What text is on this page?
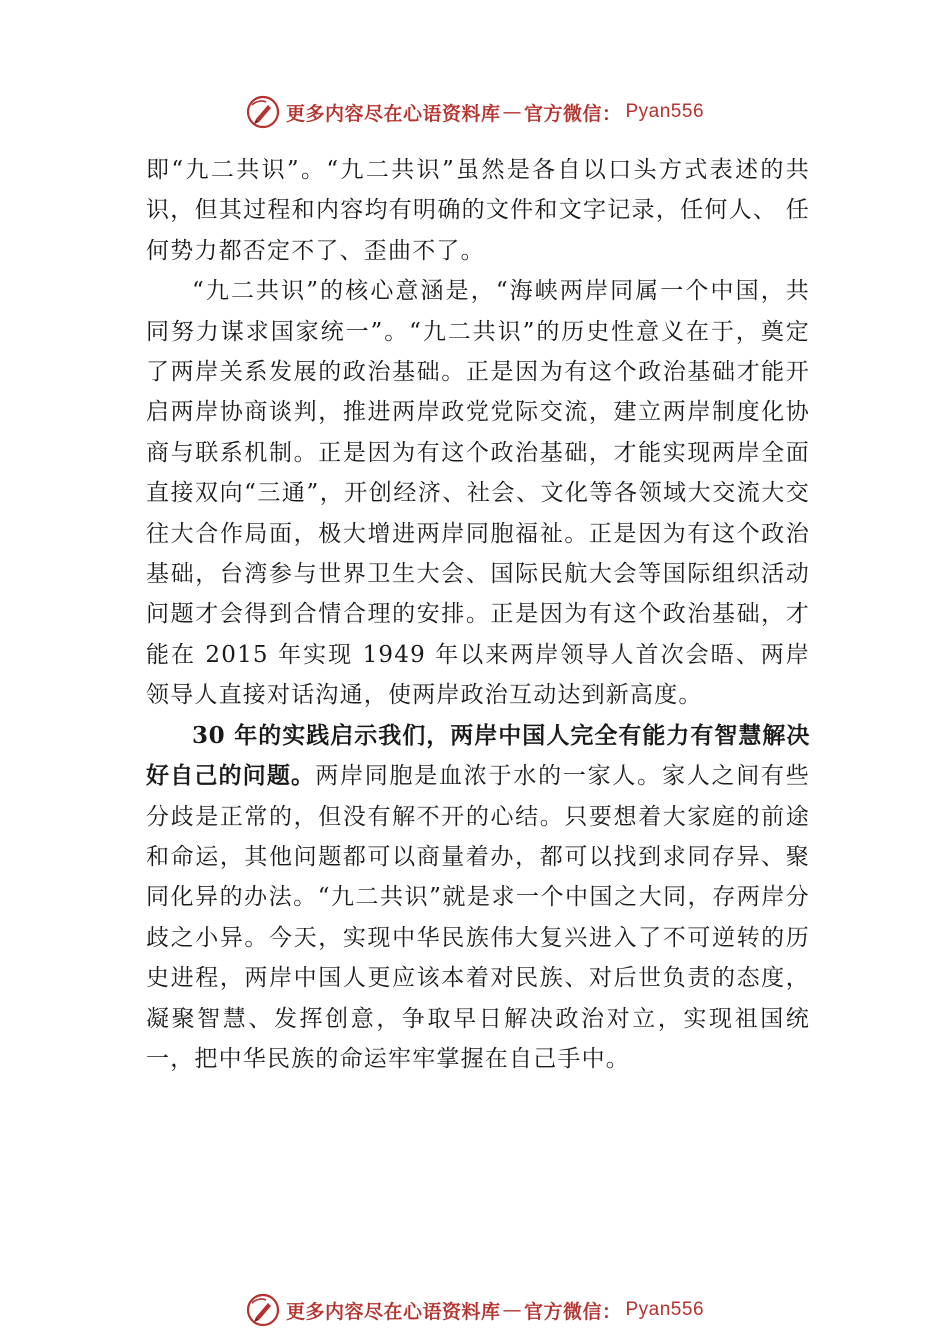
更多内容尽在心语资料库 — 官方微信： Pyan556

即“九二共识”。“九二共识”虽然是各自以口头方式表述的共识，但其过程和内容均有明确的文件和文字记录，任何人、 任何势力都否定不了、歪曲不了。

“九二共识”的核心意涵是，“海峡两岸同属一个中国，共同努力谋求国家统一”。“九二共识”的历史性意义在于，奠定了两岸关系发展的政治基础。正是因为有这个政治基础才能开启两岸协商谈判，推进两岸政党党际交流，建立两岸制度化协商与联系机制。正是因为有这个政治基础，才能实现两岸全面直接双向“三通”，开创经济、社会、文化等各领域大交流大交往大合作局面，极大增进两岸同胞福祉。正是因为有这个政治基础，台湾参与世界卫生大会、国际民航大会等国际组织活动问题才会得到合情合理的安排。正是因为有这个政治基础，才能在 2015 年实现 1949 年以来两岸领导人首次会晤、两岸领导人直接对话沟通，使两岸政治互动达到新高度。

30 年的实践启示我们，两岸中国人完全有能力有智慧解决好自己的问题。两岸同胞是血浓于水的一家人。家人之间有些分歧是正常的，但没有解不开的心结。只要想着大家庭的前途和命运，其他问题都可以商量着办，都可以找到求同存异、聚同化异的办法。“九二共识”就是求一个中国之大同，存两岸分歧之小异。今天，实现中华民族伟大复兴进入了不可逆转的历史进程，两岸中国人更应该本着对民族、对后世负责的态度，凝聚智慧、发挥创意，争取早日解决政治对立，实现祖国统一，把中华民族的命运牢牢掌握在自己手中。

更多内容尽在心语资料库 — 官方微信： Pyan556
